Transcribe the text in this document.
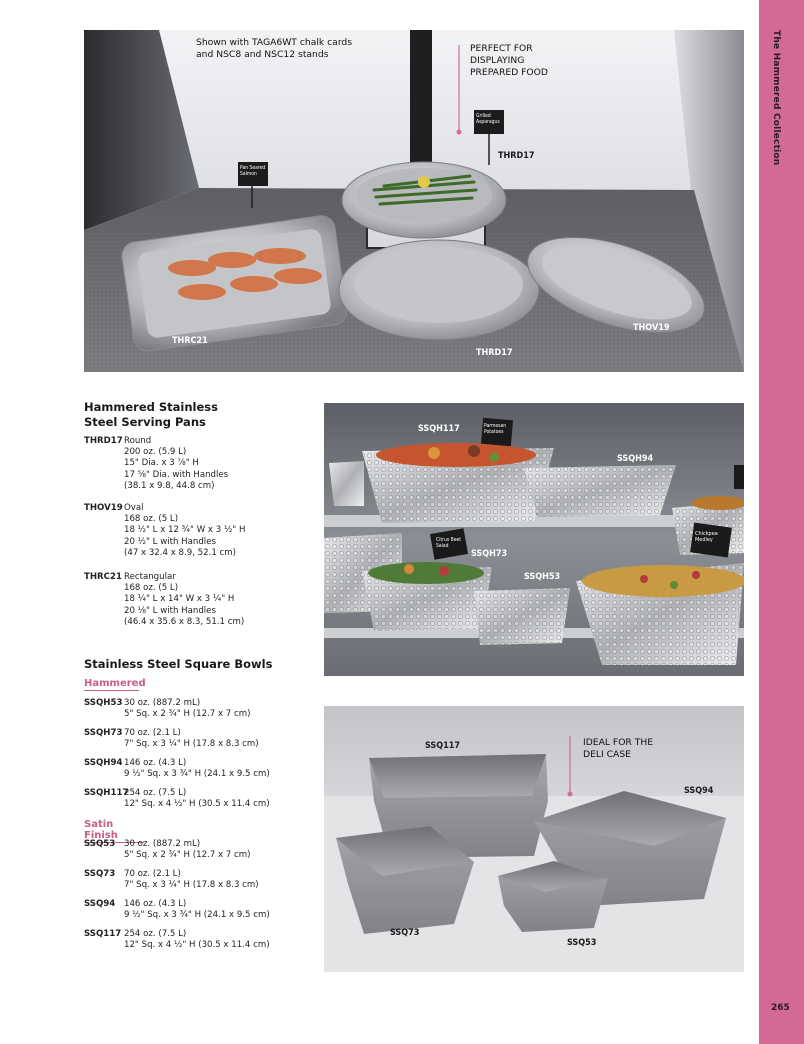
The Hammered Collection
265
Shown with TAGA6WT chalk cards
and NSC8 and NSC12 stands
PERFECT FOR
DISPLAYING
PREPARED FOOD
Pan Seared Salmon
Grilled Asparagus
THRD17
THRC21
THRD17
THOV19
Parmesan Potatoes
Citrus Beet Salad
Chickpea Medley
SSQH117
SSQH94
SSQH73
SSQH53
IDEAL FOR THE
DELI CASE
SSQ117
SSQ94
SSQ73
SSQ53
Hammered Stainless
Steel Serving Pans
THRD17 Round
200 oz. (5.9 L)
15" Dia. x 3 ⅞" H
17 ⅝" Dia. with Handles
(38.1 x 9.8, 44.8 cm)
THOV19 Oval
168 oz. (5 L)
18 ½" L x 12 ¾" W x 3 ½" H
20 ½" L with Handles
(47 x 32.4 x 8.9, 52.1 cm)
THRC21 Rectangular
168 oz. (5 L)
18 ¼" L x 14" W x 3 ¼" H
20 ⅛" L with Handles
(46.4 x 35.6 x 8.3, 51.1 cm)
Stainless Steel Square Bowls
Hammered
SSQH53 30 oz. (887.2 mL)
5" Sq. x 2 ¾" H (12.7 x 7 cm)
SSQH73 70 oz. (2.1 L)
7" Sq. x 3 ¼" H (17.8 x 8.3 cm)
SSQH94 146 oz. (4.3 L)
9 ½" Sq. x 3 ¾" H (24.1 x 9.5 cm)
SSQH117
254 oz. (7.5 L)
12" Sq. x 4 ½" H (30.5 x 11.4 cm)
Satin Finish
SSQ53	30 oz. (887.2 mL)
5" Sq. x 2 ¾" H (12.7 x 7 cm)
SSQ73	70 oz. (2.1 L)
7" Sq. x 3 ¼" H (17.8 x 8.3 cm)
SSQ94	146 oz. (4.3 L)
9 ½" Sq. x 3 ¾" H (24.1 x 9.5 cm)
SSQ117 254 oz. (7.5 L)
12" Sq. x 4 ½" H (30.5 x 11.4 cm)
